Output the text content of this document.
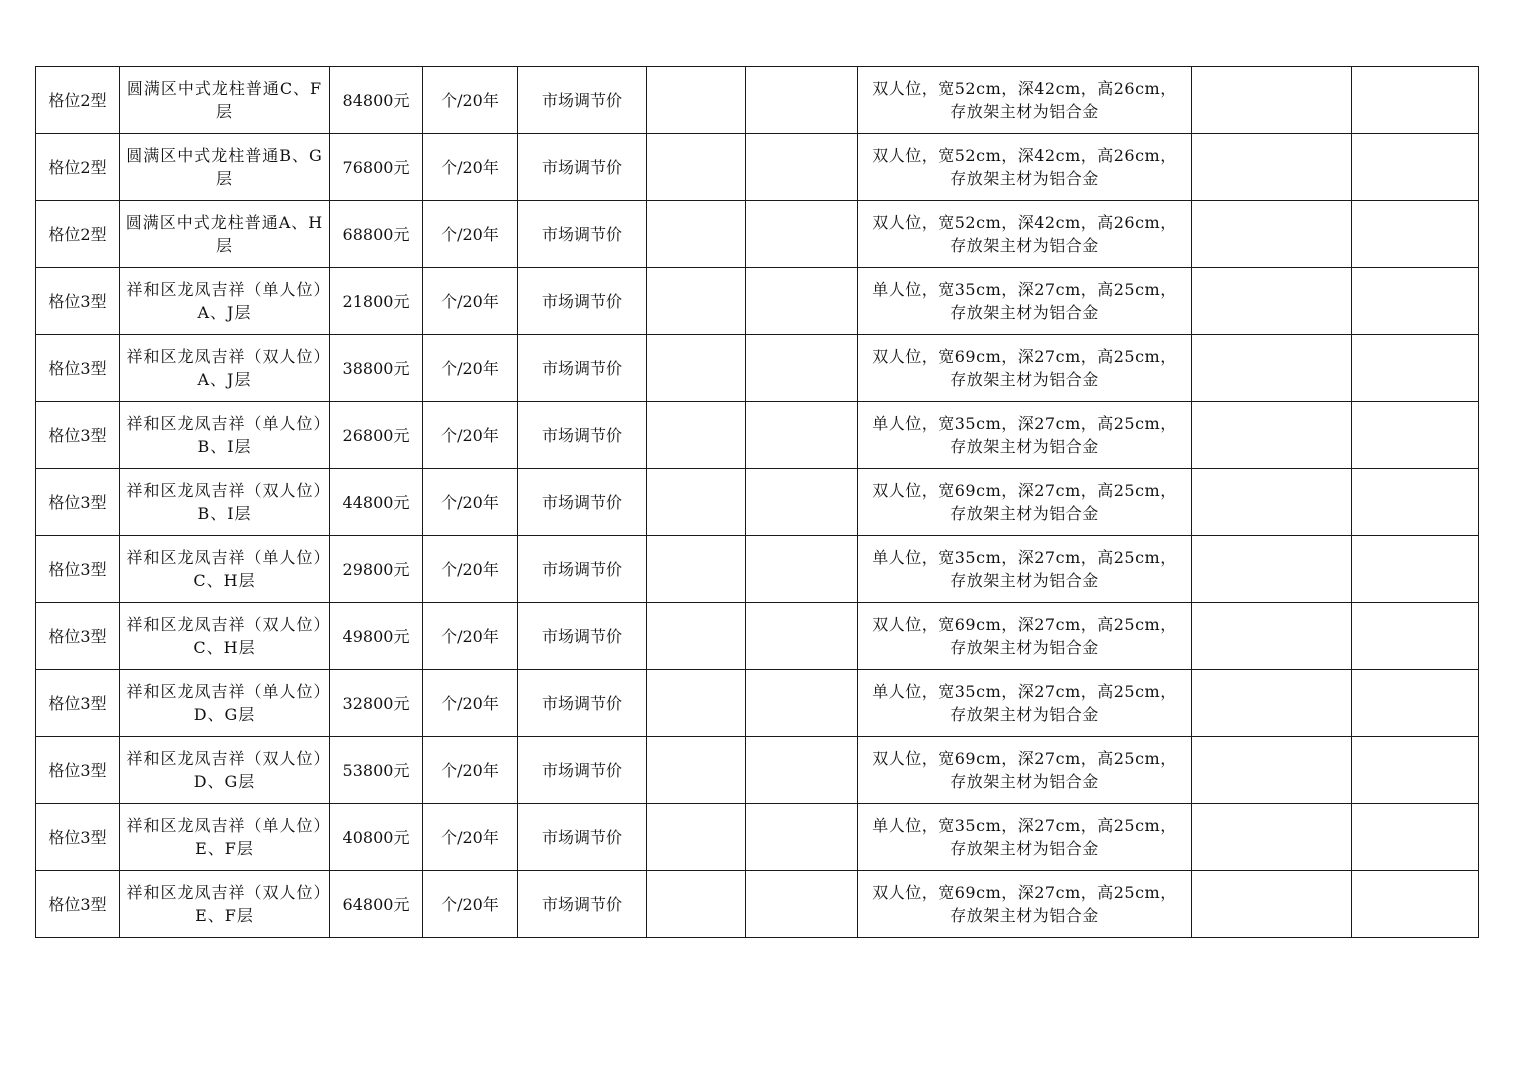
格位2型	圆满区中式龙柱普通C、F层	84800元	个/20年	市场调节价			双人位，宽52cm，深42cm，高26cm，
存放架主材为铝合金		

格位2型	圆满区中式龙柱普通B、G层	76800元	个/20年	市场调节价			双人位，宽52cm，深42cm，高26cm，
存放架主材为铝合金		

格位2型	圆满区中式龙柱普通A、H层	68800元	个/20年	市场调节价			双人位，宽52cm，深42cm，高26cm，
存放架主材为铝合金		

格位3型	祥和区龙凤吉祥（单人位）A、J层	21800元	个/20年	市场调节价			单人位，宽35cm，深27cm，高25cm，
存放架主材为铝合金		

格位3型	祥和区龙凤吉祥（双人位）A、J层	38800元	个/20年	市场调节价			双人位，宽69cm，深27cm，高25cm，
存放架主材为铝合金		

格位3型	祥和区龙凤吉祥（单人位）B、I层	26800元	个/20年	市场调节价			单人位，宽35cm，深27cm，高25cm，
存放架主材为铝合金		

格位3型	祥和区龙凤吉祥（双人位）B、I层	44800元	个/20年	市场调节价			双人位，宽69cm，深27cm，高25cm，
存放架主材为铝合金		

格位3型	祥和区龙凤吉祥（单人位）C、H层	29800元	个/20年	市场调节价			单人位，宽35cm，深27cm，高25cm，
存放架主材为铝合金		

格位3型	祥和区龙凤吉祥（双人位）C、H层	49800元	个/20年	市场调节价			双人位，宽69cm，深27cm，高25cm，
存放架主材为铝合金		

格位3型	祥和区龙凤吉祥（单人位）D、G层	32800元	个/20年	市场调节价			单人位，宽35cm，深27cm，高25cm，
存放架主材为铝合金		

格位3型	祥和区龙凤吉祥（双人位）D、G层	53800元	个/20年	市场调节价			双人位，宽69cm，深27cm，高25cm，
存放架主材为铝合金		

格位3型	祥和区龙凤吉祥（单人位）E、F层	40800元	个/20年	市场调节价			单人位，宽35cm，深27cm，高25cm，
存放架主材为铝合金		

格位3型	祥和区龙凤吉祥（双人位）E、F层	64800元	个/20年	市场调节价			双人位，宽69cm，深27cm，高25cm，
存放架主材为铝合金		
